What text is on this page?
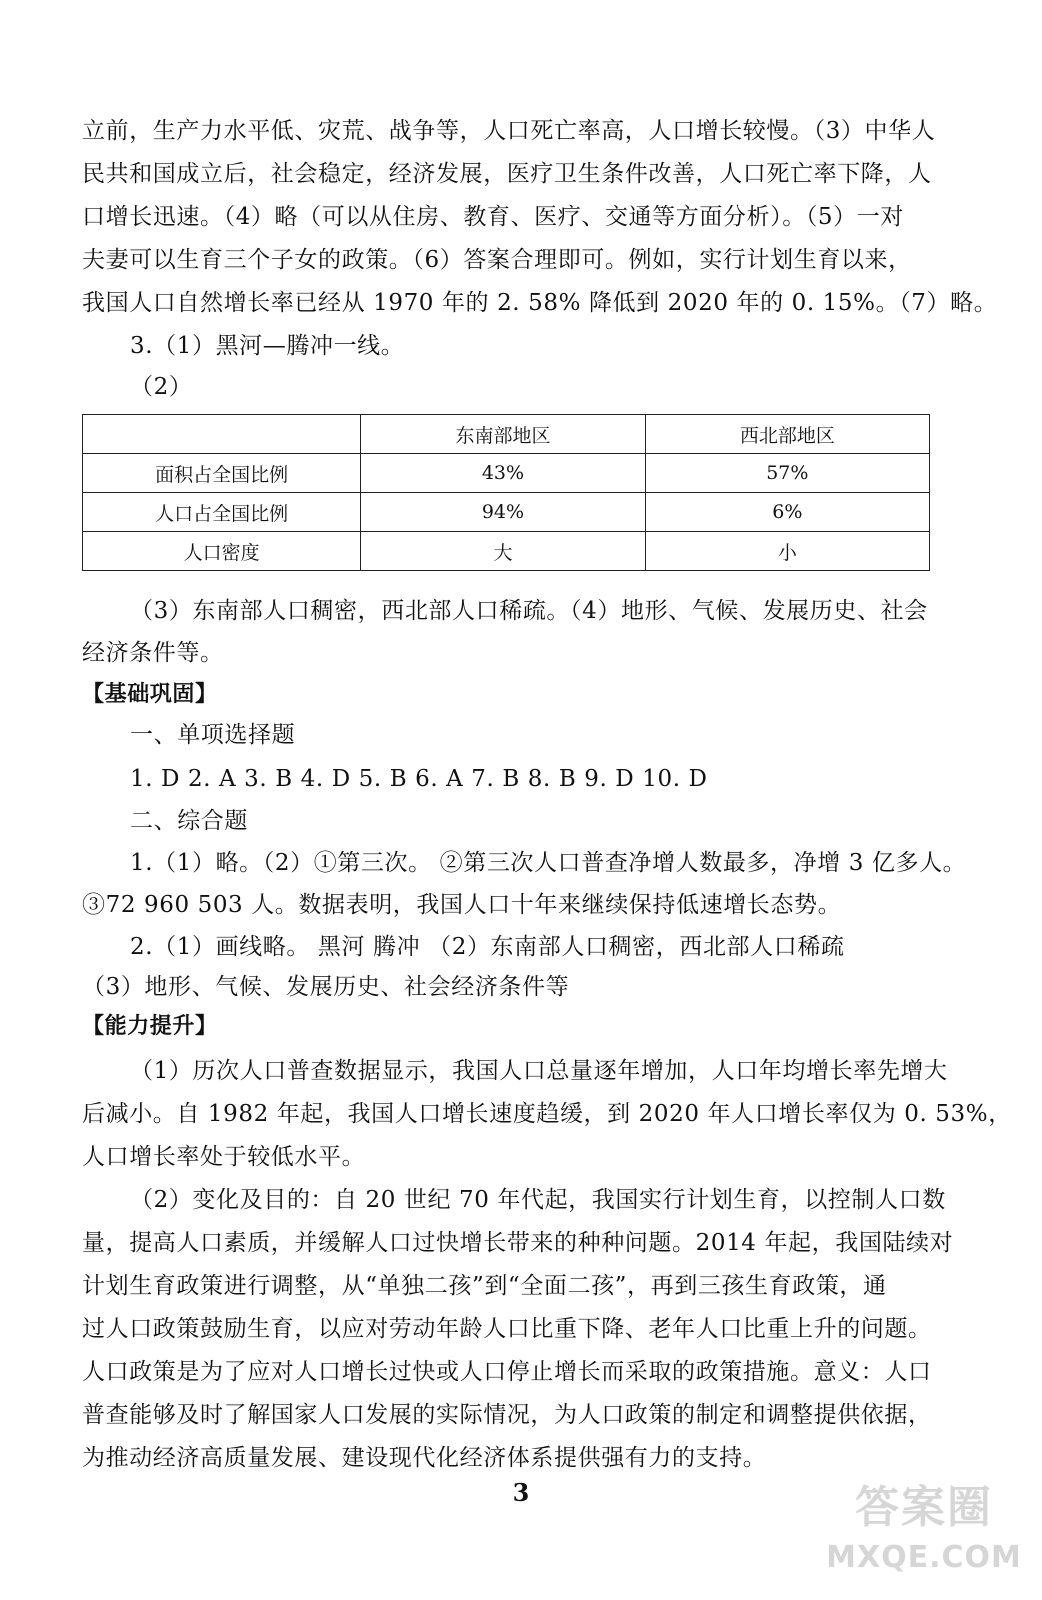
立前，生产力水平低、灾荒、战争等，人口死亡率高，人口增长较慢。（3）中华人
民共和国成立后，社会稳定，经济发展，医疗卫生条件改善，人口死亡率下降，人
口增长迅速。（4）略（可以从住房、教育、医疗、交通等方面分析）。（5）一对
夫妻可以生育三个子女的政策。（6）答案合理即可。例如，实行计划生育以来，
我国人口自然增长率已经从 1970 年的 2. 58% 降低到 2020 年的 0. 15%。（7）略。
3.（1）黑河—腾冲一线。
（2）
	东南部地区	西北部地区
面积占全国比例	43%	57%
人口占全国比例	94%	6%
人口密度	大	小
（3）东南部人口稠密，西北部人口稀疏。（4）地形、气候、发展历史、社会
经济条件等。
【基础巩固】
一、单项选择题
1. D 2. A 3. B 4. D 5. B 6. A 7. B 8. B 9. D 10. D
二、综合题
1.（1）略。（2）①第三次。 ②第三次人口普查净增人数最多，净增 3 亿多人。
③72 960 503 人。数据表明，我国人口十年来继续保持低速增长态势。
2.（1）画线略。 黑河 腾冲 （2）东南部人口稠密，西北部人口稀疏
（3）地形、气候、发展历史、社会经济条件等
【能力提升】
（1）历次人口普查数据显示，我国人口总量逐年增加，人口年均增长率先增大
后减小。自 1982 年起，我国人口增长速度趋缓，到 2020 年人口增长率仅为 0. 53%，
人口增长率处于较低水平。
（2）变化及目的：自 20 世纪 70 年代起，我国实行计划生育，以控制人口数
量，提高人口素质，并缓解人口过快增长带来的种种问题。2014 年起，我国陆续对
计划生育政策进行调整，从“单独二孩”到“全面二孩”，再到三孩生育政策，通
过人口政策鼓励生育，以应对劳动年龄人口比重下降、老年人口比重上升的问题。
人口政策是为了应对人口增长过快或人口停止增长而采取的政策措施。意义：人口
普查能够及时了解国家人口发展的实际情况，为人口政策的制定和调整提供依据，
为推动经济高质量发展、建设现代化经济体系提供强有力的支持。
3	答案圈
MXQE.COM
